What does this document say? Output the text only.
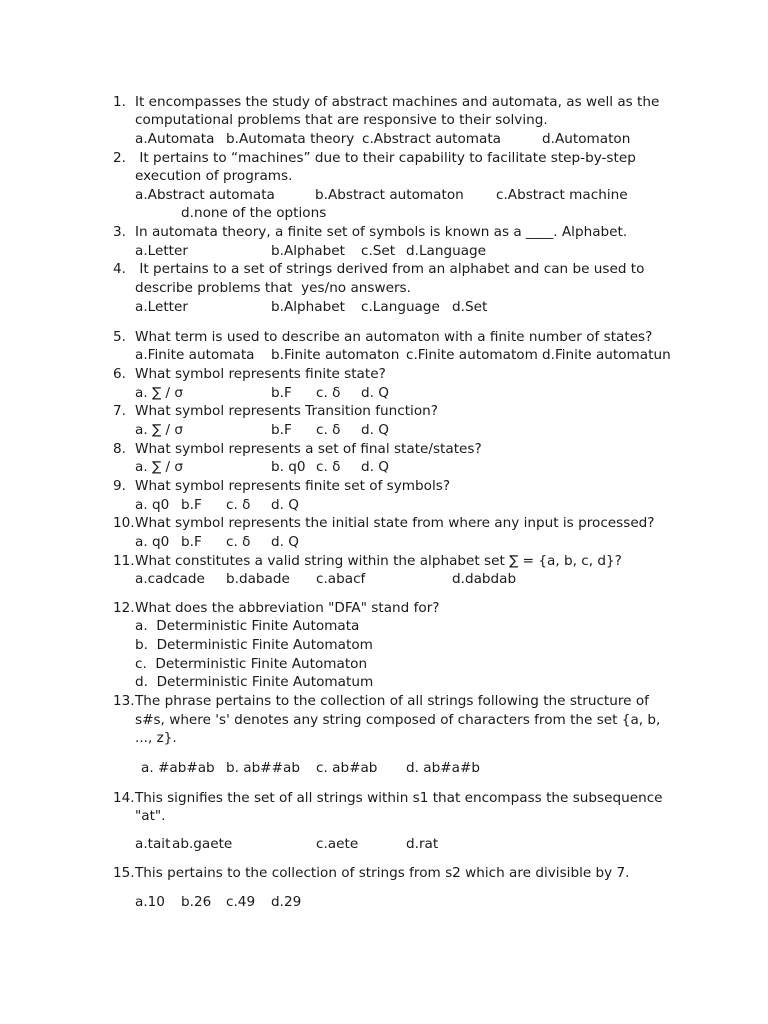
1. It encompasses the study of abstract machines and automata, as well as the
computational problems that are responsive to their solving.
a.Automata b.Automata theory c.Abstract automata	d.Automaton
2. It pertains to “machines” due to their capability to facilitate step-by-step
execution of programs.
a.Abstract automata	b.Abstract automaton c.Abstract machine
d.none of the options
3. In automata theory, a finite set of symbols is known as a ____. Alphabet.
a.Letter	b.Alphabet c.Set d.Language
4. It pertains to a set of strings derived from an alphabet and can be used to
describe problems that  yes/no answers.
a.Letter	b.Alphabet c.Language d.Set
5. What term is used to describe an automaton with a finite number of states?
a.Finite automata b.Finite automaton c.Finite automatom d.Finite automatun
6. What symbol represents finite state?
a. ∑ / σ	b.F c. δ d. Q
7. What symbol represents Transition function?
a. ∑ / σ	b.F c. δ d. Q
8. What symbol represents a set of final state/states?
a. ∑ / σ	b. q0 c. δ d. Q
9. What symbol represents finite set of symbols?
a. q0 b.F c. δ d. Q
10. What symbol represents the initial state from where any input is processed?
a. q0 b.F c. δ d. Q
11. What constitutes a valid string within the alphabet set ∑ = {a, b, c, d}?
a.cadcade b.dabade c.abacf	d.dabdab
12. What does the abbreviation "DFA" stand for?
a.  Deterministic Finite Automata
b.  Deterministic Finite Automatom
c.  Deterministic Finite Automaton
d.  Deterministic Finite Automatum
13. The phrase pertains to the collection of all strings following the structure of
s#s, where 's' denotes any string composed of characters from the set {a, b,
..., z}.
a. #ab#ab b. ab##ab c. ab#ab d. ab#a#b
14. This signifies the set of all strings within s1 that encompass the subsequence
"at".
a.tait ab.gaete	c.aete	d.rat
15. This pertains to the collection of strings from s2 which are divisible by 7.
a.10 b.26 c.49 d.29
